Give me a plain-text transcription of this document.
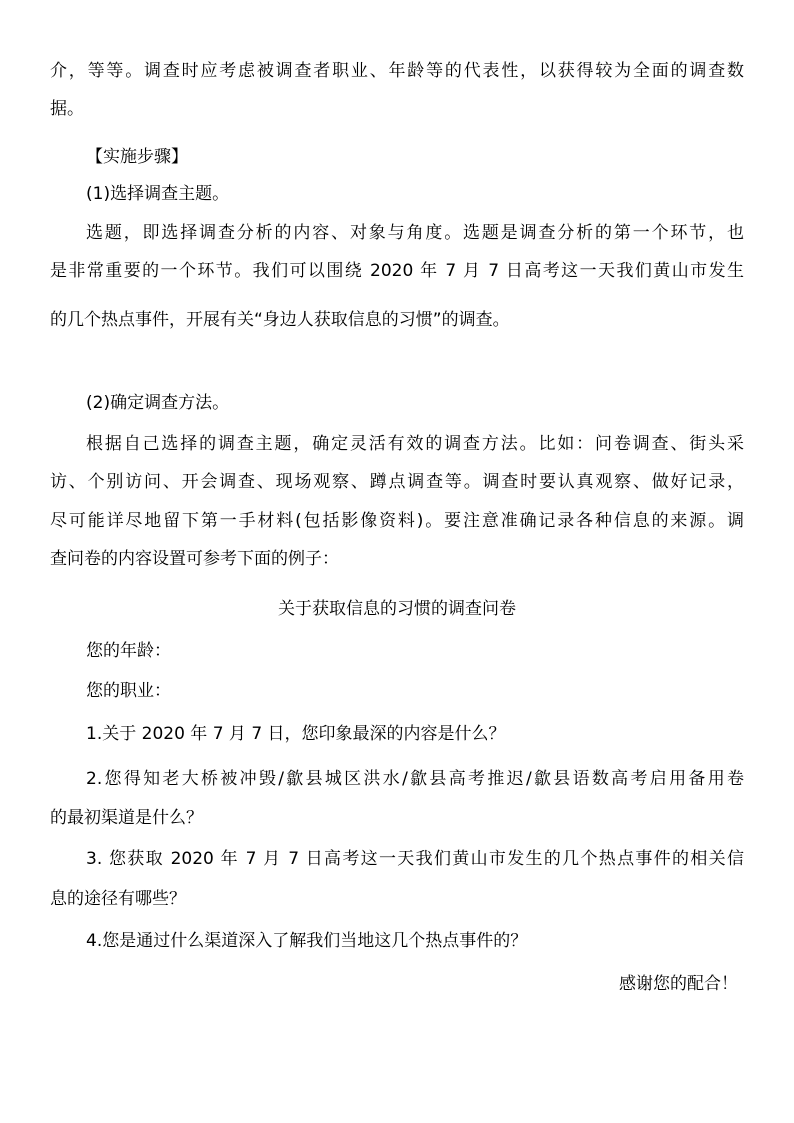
介，等等。调查时应考虑被调查者职业、年龄等的代表性，以获得较为全面的调查数
据。
【实施步骤】
(1)选择调查主题。
选题，即选择调查分析的内容、对象与角度。选题是调查分析的第一个环节，也
是非常重要的一个环节。我们可以围绕 2020 年 7 月 7 日高考这一天我们黄山市发生
的几个热点事件，开展有关“身边人获取信息的习惯”的调查。
(2)确定调查方法。
根据自己选择的调查主题，确定灵活有效的调查方法。比如：问卷调查、街头采
访、个别访问、开会调查、现场观察、蹲点调查等。调查时要认真观察、做好记录，
尽可能详尽地留下第一手材料(包括影像资料)。要注意准确记录各种信息的来源。调
查问卷的内容设置可参考下面的例子：
关于获取信息的习惯的调查问卷
您的年龄：
您的职业：
1.关于 2020 年 7 月 7 日，您印象最深的内容是什么？
2.您得知老大桥被冲毁/歙县城区洪水/歙县高考推迟/歙县语数高考启用备用卷
的最初渠道是什么？
3. 您获取 2020 年 7 月 7 日高考这一天我们黄山市发生的几个热点事件的相关信
息的途径有哪些？
4.您是通过什么渠道深入了解我们当地这几个热点事件的？
感谢您的配合！
